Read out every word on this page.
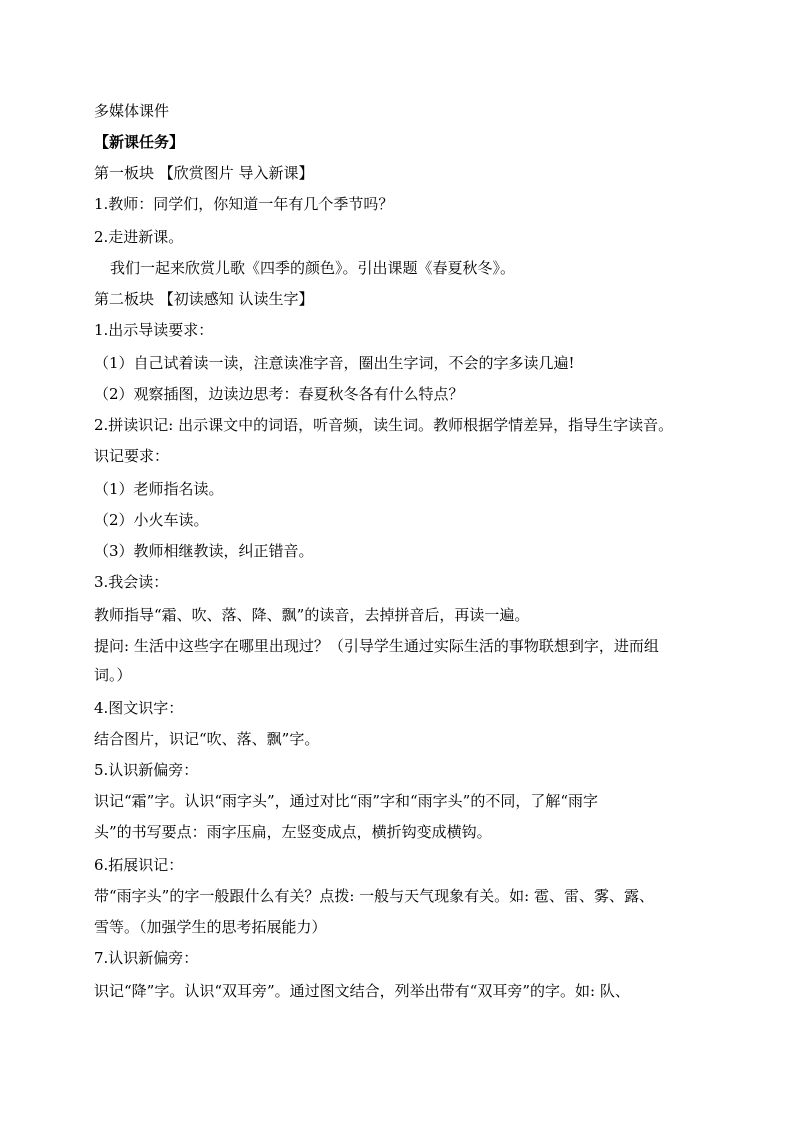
多媒体课件
【新课任务】
第一板块 【欣赏图片 导入新课】
1.教师：同学们，你知道一年有几个季节吗？
2.走进新课。
我们一起来欣赏儿歌《四季的颜色》。引出课题《春夏秋冬》。
第二板块 【初读感知 认读生字】
1.出示导读要求：
（1）自己试着读一读，注意读准字音，圈出生字词，不会的字多读几遍!
（2）观察插图，边读边思考：春夏秋冬各有什么特点？
2.拼读识记: 出示课文中的词语，听音频，读生词。教师根据学情差异，指导生字读音。
识记要求：
（1）老师指名读。
（2）小火车读。
（3）教师相继教读，纠正错音。
3.我会读：
教师指导“霜、吹、落、降、飘”的读音，去掉拼音后，再读一遍。
提问: 生活中这些字在哪里出现过？（引导学生通过实际生活的事物联想到字，进而组
词。）
4.图文识字：
结合图片，识记“吹、落、飘”字。
5.认识新偏旁：
识记“霜”字。认识“雨字头”，通过对比“雨”字和“雨字头”的不同，了解“雨字
头”的书写要点：雨字压扁，左竖变成点，横折钩变成横钩。
6.拓展识记：
带“雨字头”的字一般跟什么有关？点拨: 一般与天气现象有关。如: 雹、雷、雾、露、
雪等。（加强学生的思考拓展能力）
7.认识新偏旁：
识记“降”字。认识“双耳旁”。通过图文结合，列举出带有“双耳旁”的字。如: 队、
